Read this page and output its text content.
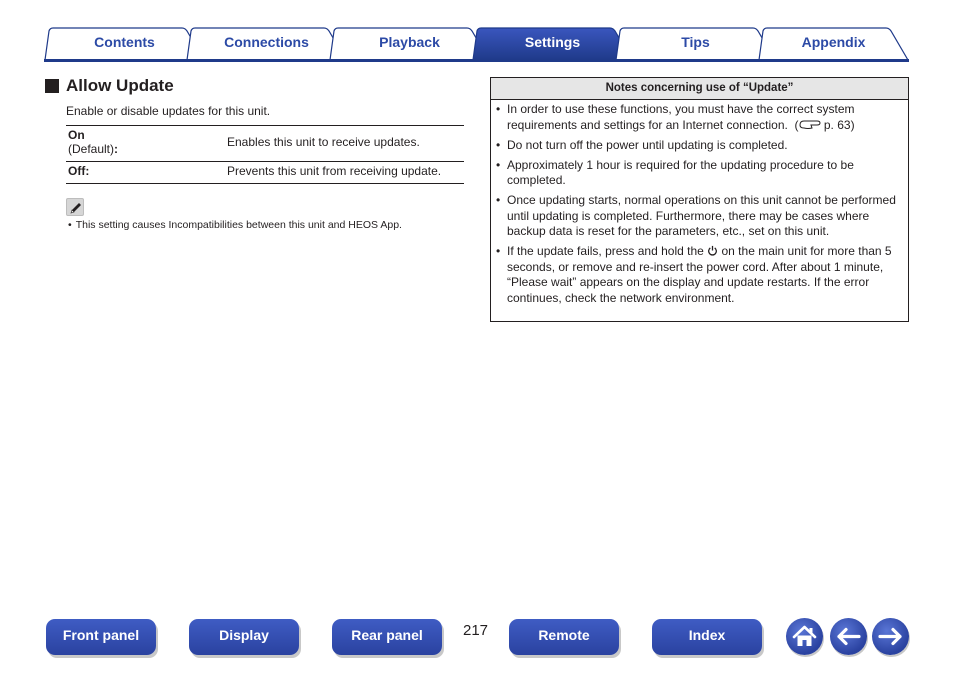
Contents	Connections	Playback	Settings	Tips	Appendix
Allow Update
Enable or disable updates for this unit.
On
(Default):	Enables this unit to receive updates.
Off:	Prevents this unit from receiving update.
• This setting causes Incompatibilities between this unit and HEOS App.
Notes concerning use of “Update”
• In order to use these functions, you must have the correct system requirements and settings for an Internet connection. ( p. 63)
• Do not turn off the power until updating is completed.
• Approximately 1 hour is required for the updating procedure to be completed.
• Once updating starts, normal operations on this unit cannot be performed until updating is completed. Furthermore, there may be cases where backup data is reset for the parameters, etc., set on this unit.
• If the update fails, press and hold the on the main unit for more than 5 seconds, or remove and re-insert the power cord. After about 1 minute, “Please wait” appears on the display and update restarts. If the error continues, check the network environment.
Front panel	Display	Rear panel	217	Remote	Index
